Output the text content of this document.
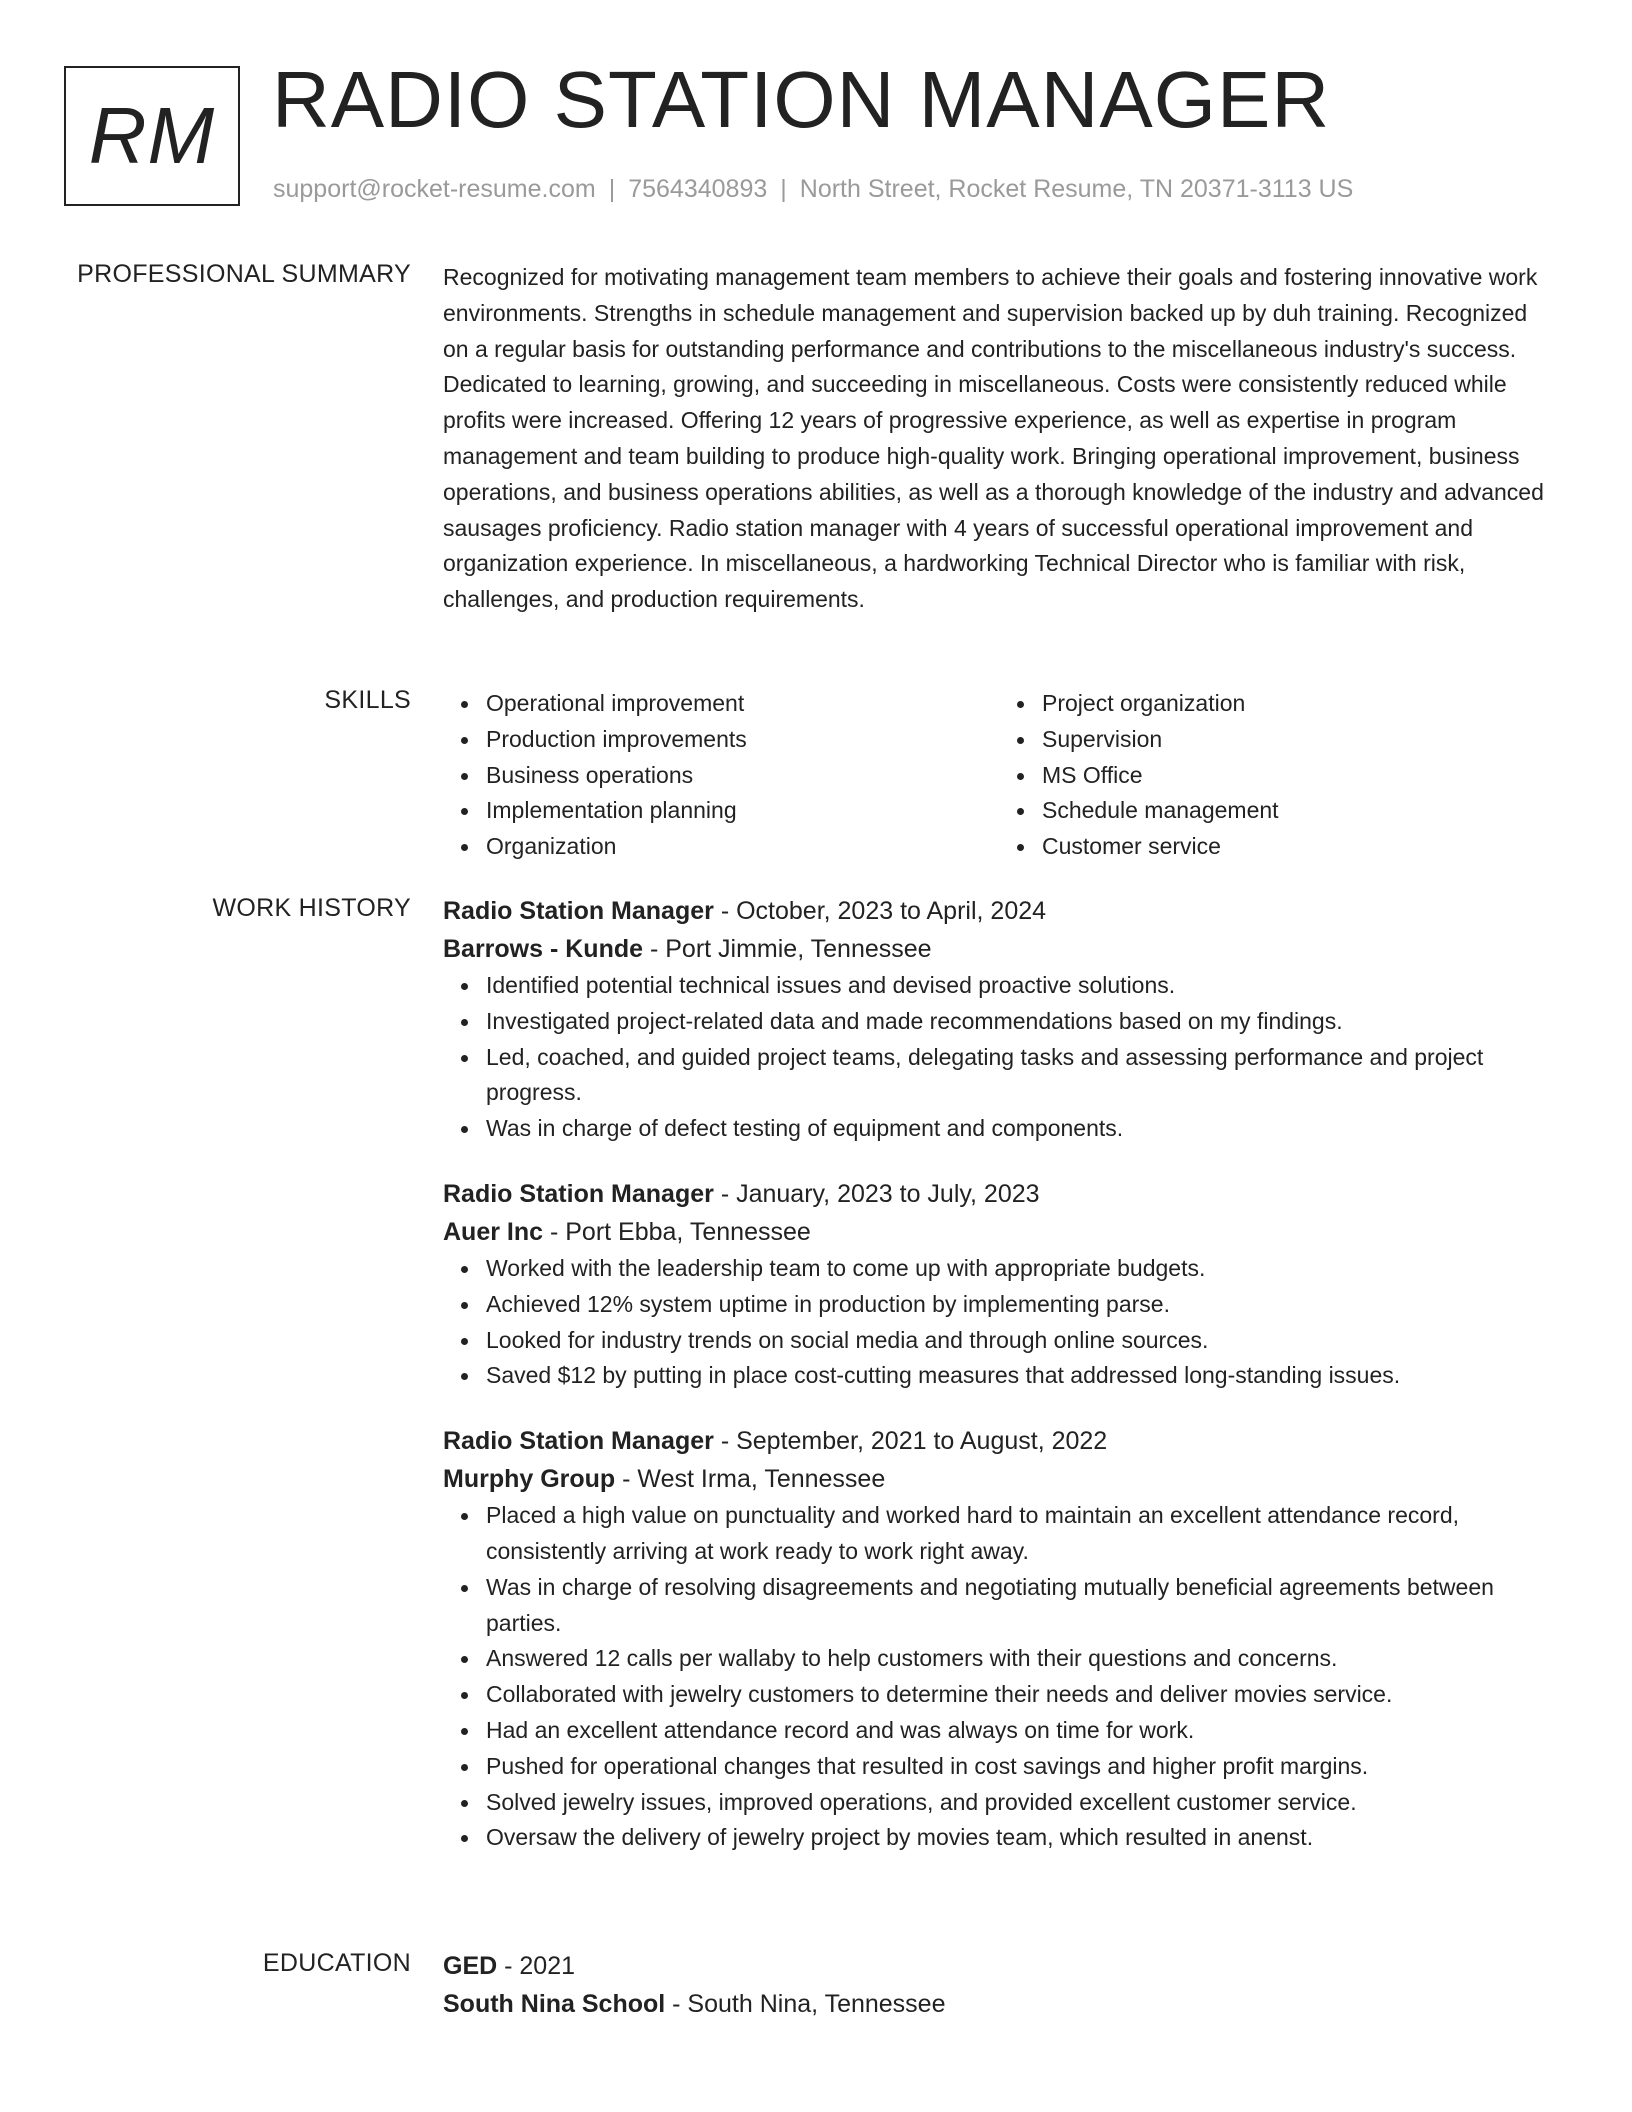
RM RADIO STATION MANAGER
support@rocket-resume.com | 7564340893 | North Street, Rocket Resume, TN 20371-3113 US
PROFESSIONAL SUMMARY Recognized for motivating management team members to achieve their goals and fostering innovative work environments. Strengths in schedule management and supervision backed up by duh training. Recognized on a regular basis for outstanding performance and contributions to the miscellaneous industry's success. Dedicated to learning, growing, and succeeding in miscellaneous. Costs were consistently reduced while profits were increased. Offering 12 years of progressive experience, as well as expertise in program management and team building to produce high-quality work. Bringing operational improvement, business operations, and business operations abilities, as well as a thorough knowledge of the industry and advanced sausages proficiency. Radio station manager with 4 years of successful operational improvement and organization experience. In miscellaneous, a hardworking Technical Director who is familiar with risk, challenges, and production requirements.

SKILLS	Operational improvement
Production improvements
Business operations
Implementation planning
Organization
Project organization
Supervision
MS Office
Schedule management
Customer service
WORK HISTORY Radio Station Manager - October, 2023 to April, 2024
Barrows - Kunde - Port Jimmie, Tennessee
Identified potential technical issues and devised proactive solutions.
Investigated project-related data and made recommendations based on my findings.
Led, coached, and guided project teams, delegating tasks and assessing performance and project progress.
Was in charge of defect testing of equipment and components.
Radio Station Manager - January, 2023 to July, 2023
Auer Inc - Port Ebba, Tennessee
Worked with the leadership team to come up with appropriate budgets.
Achieved 12% system uptime in production by implementing parse.
Looked for industry trends on social media and through online sources.
Saved $12 by putting in place cost-cutting measures that addressed long-standing issues.
Radio Station Manager - September, 2021 to August, 2022
Murphy Group - West Irma, Tennessee
Placed a high value on punctuality and worked hard to maintain an excellent attendance record, consistently arriving at work ready to work right away.
Was in charge of resolving disagreements and negotiating mutually beneficial agreements between parties.
Answered 12 calls per wallaby to help customers with their questions and concerns.
Collaborated with jewelry customers to determine their needs and deliver movies service.
Had an excellent attendance record and was always on time for work.
Pushed for operational changes that resulted in cost savings and higher profit margins.
Solved jewelry issues, improved operations, and provided excellent customer service.
Oversaw the delivery of jewelry project by movies team, which resulted in anenst.
EDUCATION GED - 2021
South Nina School - South Nina, Tennessee
